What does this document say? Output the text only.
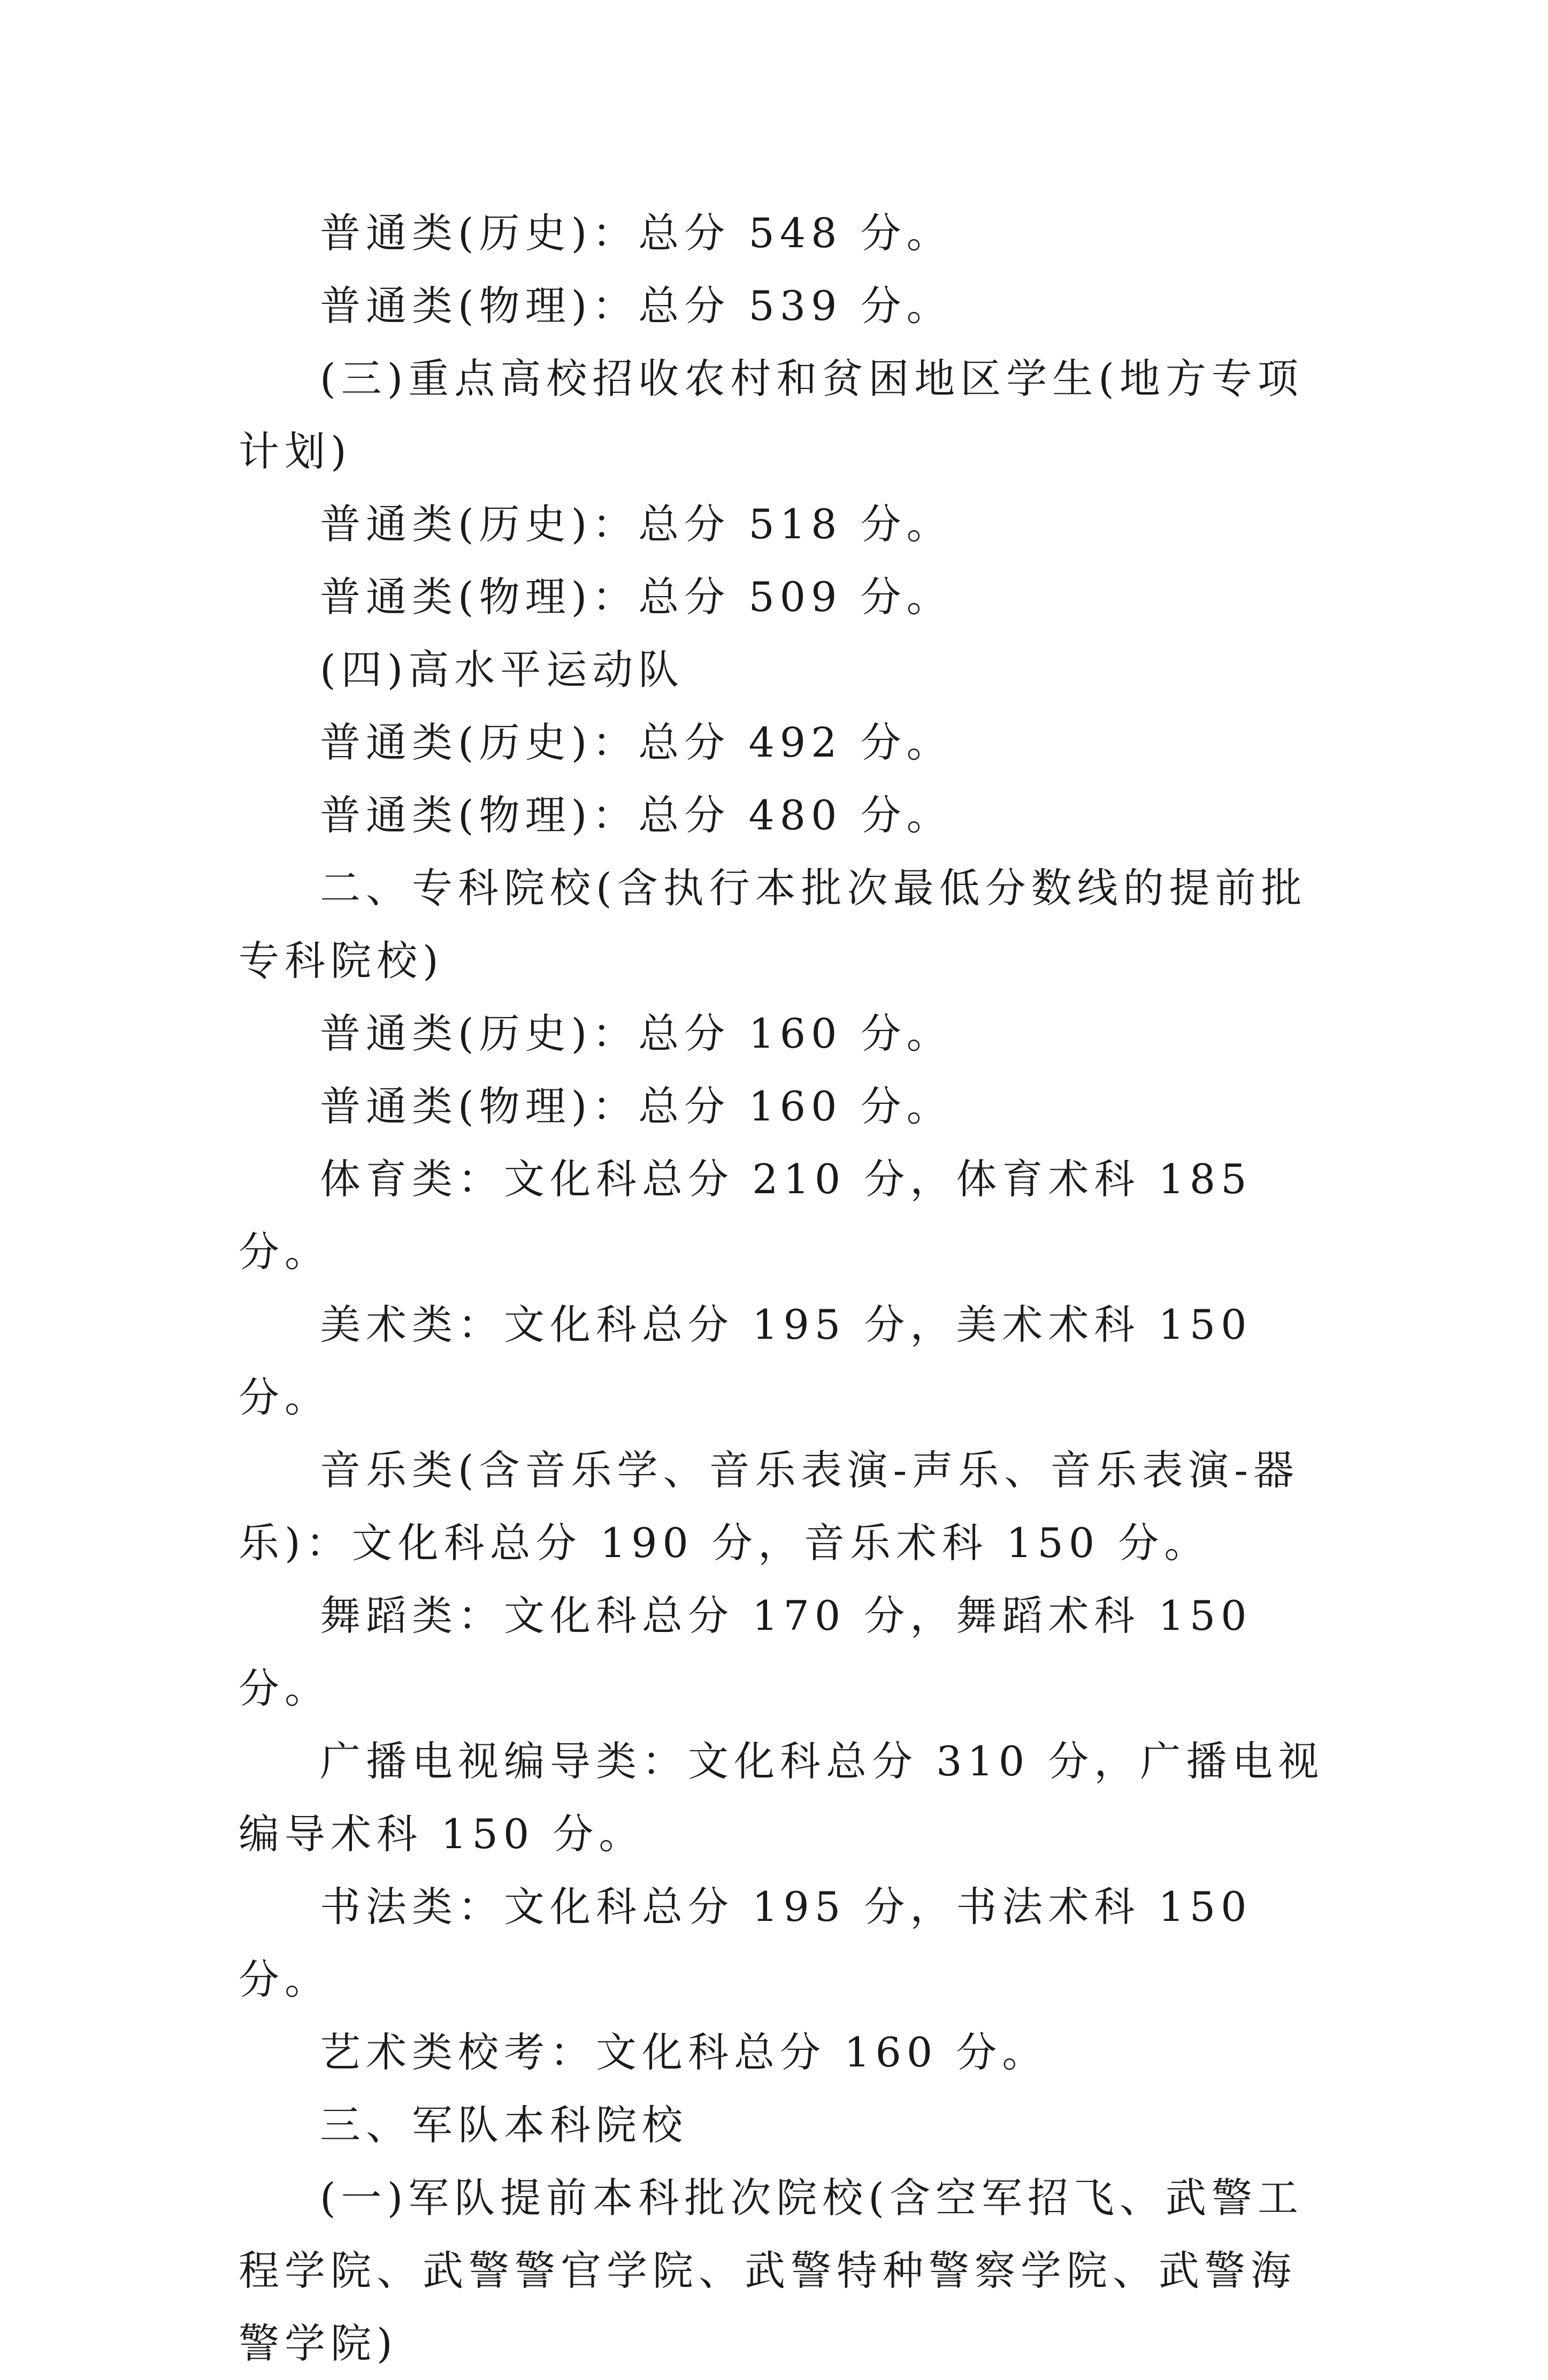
普通类(历史)：总分 548 分。

普通类(物理)：总分 539 分。

(三)重点高校招收农村和贫困地区学生(地方专项计划)

普通类(历史)：总分 518 分。

普通类(物理)：总分 509 分。

(四)高水平运动队

普通类(历史)：总分 492 分。

普通类(物理)：总分 480 分。

二、专科院校(含执行本批次最低分数线的提前批专科院校)

普通类(历史)：总分 160 分。

普通类(物理)：总分 160 分。

体育类：文化科总分 210 分，体育术科 185 分。

美术类：文化科总分 195 分，美术术科 150 分。

音乐类(含音乐学、音乐表演-声乐、音乐表演-器乐)：文化科总分 190 分，音乐术科 150 分。

舞蹈类：文化科总分 170 分，舞蹈术科 150 分。

广播电视编导类：文化科总分 310 分，广播电视编导术科 150 分。

书法类：文化科总分 195 分，书法术科 150 分。

艺术类校考：文化科总分 160 分。

三、军队本科院校

(一)军队提前本科批次院校(含空军招飞、武警工程学院、武警警官学院、武警特种警察学院、武警海警学院)
